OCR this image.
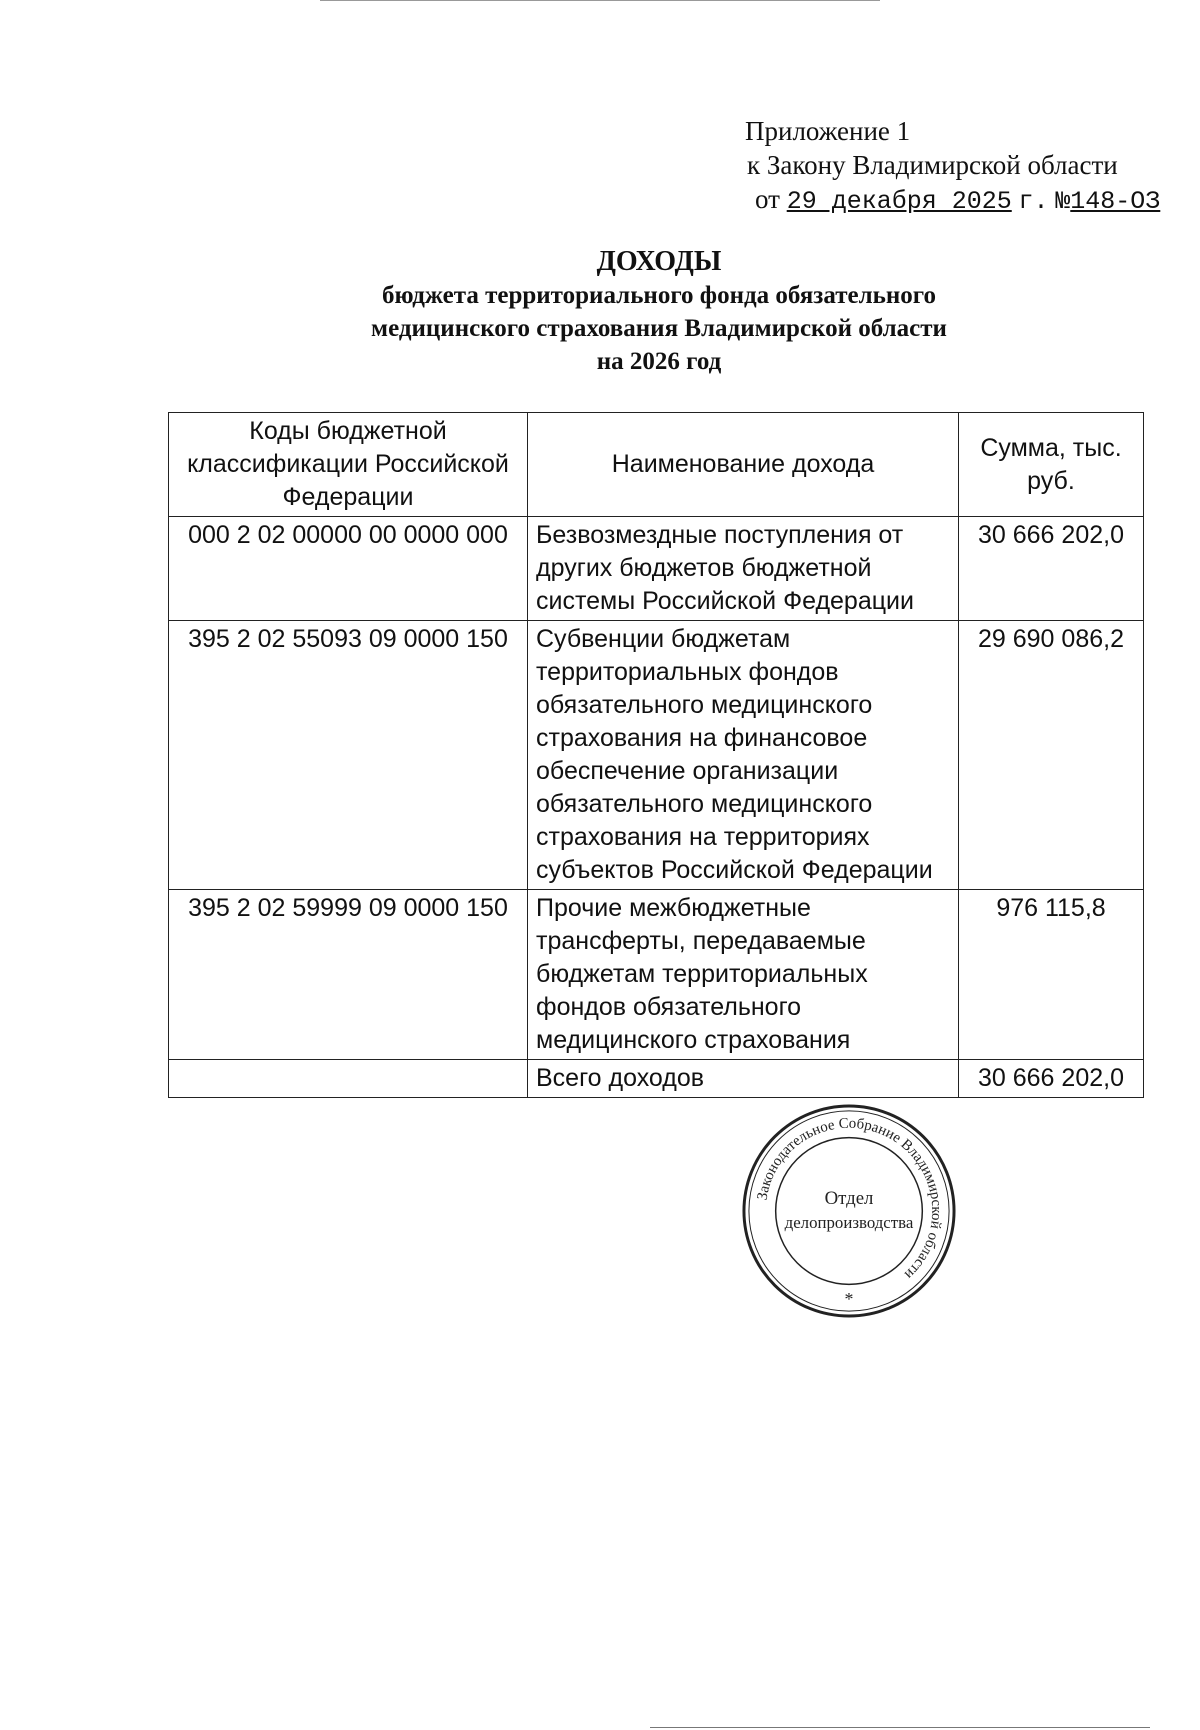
Приложение 1
к Закону Владимирской области
от 29 декабря 2025 г. №148-ОЗ
ДОХОДЫ
бюджета территориального фонда обязательного
медицинского страхования Владимирской области
на 2026 год
Коды бюджетной классификации Российской Федерации	Наименование дохода	Сумма, тыс. руб.
000 2 02 00000 00 0000 000	Безвозмездные поступления от других бюджетов бюджетной системы Российской Федерации	30 666 202,0
395 2 02 55093 09 0000 150	Субвенции бюджетам территориальных фондов обязательного медицинского страхования на финансовое обеспечение организации обязательного медицинского страхования на территориях субъектов Российской Федерации	29 690 086,2
395 2 02 59999 09 0000 150	Прочие межбюджетные трансферты, передаваемые бюджетам территориальных фондов обязательного медицинского страхования	976 115,8
	Всего доходов	30 666 202,0
Законодательное Собрание Владимирской области
Отдел
делопроизводства
*
